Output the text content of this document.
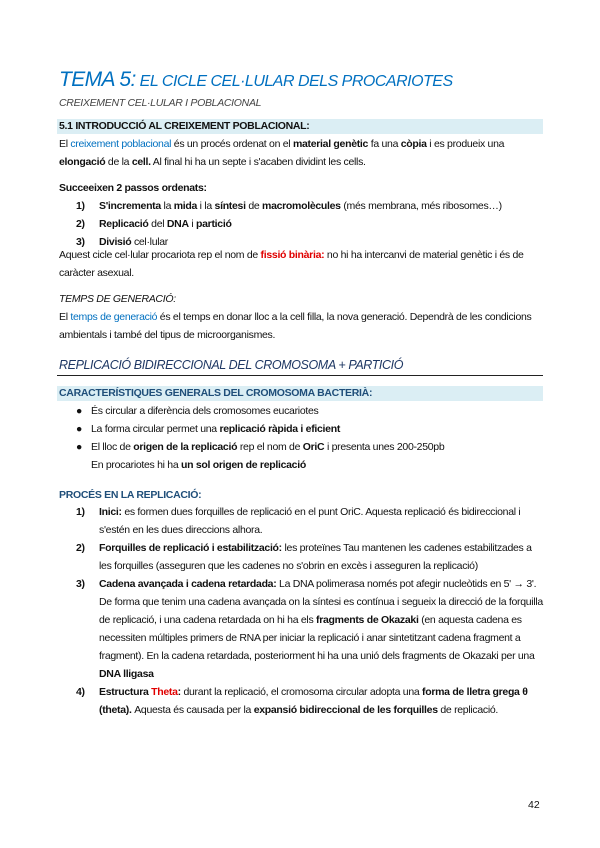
TEMA 5: EL CICLE CEL·LULAR DELS PROCARIOTES
CREIXEMENT CEL·LULAR I POBLACIONAL
5.1 INTRODUCCIÓ AL CREIXEMENT POBLACIONAL:
El creixement poblacional és un procés ordenat on el material genètic fa una còpia i es produeix una elongació de la cell. Al final hi ha un septe i s'acaben dividint les cells.
Succeeixen 2 passos ordenats:
1) S'incrementa la mida i la síntesi de macromolècules (més membrana, més ribosomes…)
2) Replicació del DNA i partició
3) Divisió cel·lular
Aquest cicle cel·lular procariota rep el nom de fissió binària: no hi ha intercanvi de material genètic i és de caràcter asexual.
TEMPS DE GENERACIÓ:
El temps de generació és el temps en donar lloc a la cell filla, la nova generació. Dependrà de les condicions ambientals i també del tipus de microorganismes.
REPLICACIÓ BIDIRECCIONAL DEL CROMOSOMA + PARTICIÓ
CARACTERÍSTIQUES GENERALS DEL CROMOSOMA BACTERIÀ:
● És circular a diferència dels cromosomes eucariotes
● La forma circular permet una replicació ràpida i eficient
● El lloc de origen de la replicació rep el nom de OriC i presenta unes 200-250pb
En procariotes hi ha un sol origen de replicació
PROCÉS EN LA REPLICACIÓ:
1) Inici: es formen dues forquilles de replicació en el punt OriC. Aquesta replicació és bidireccional i s'estén en les dues direccions alhora.
2) Forquilles de replicació i estabilització: les proteïnes Tau mantenen les cadenes estabilitzades a les forquilles (asseguren que les cadenes no s'obrin en excès i asseguren la replicació)
3) Cadena avançada i cadena retardada: La DNA polimerasa només pot afegir nucleòtids en 5' → 3'. De forma que tenim una cadena avançada on la síntesi es contínua i segueix la direcció de la forquilla de replicació, i una cadena retardada on hi ha els fragments de Okazaki (en aquesta cadena es necessiten múltiples primers de RNA per iniciar la replicació i anar sintetitzant cadena fragment a fragment). En la cadena retardada, posteriorment hi ha una unió dels fragments de Okazaki per una DNA lligasa
4) Estructura Theta: durant la replicació, el cromosoma circular adopta una forma de lletra grega θ (theta). Aquesta és causada per la expansió bidireccional de les forquilles de replicació.
42
